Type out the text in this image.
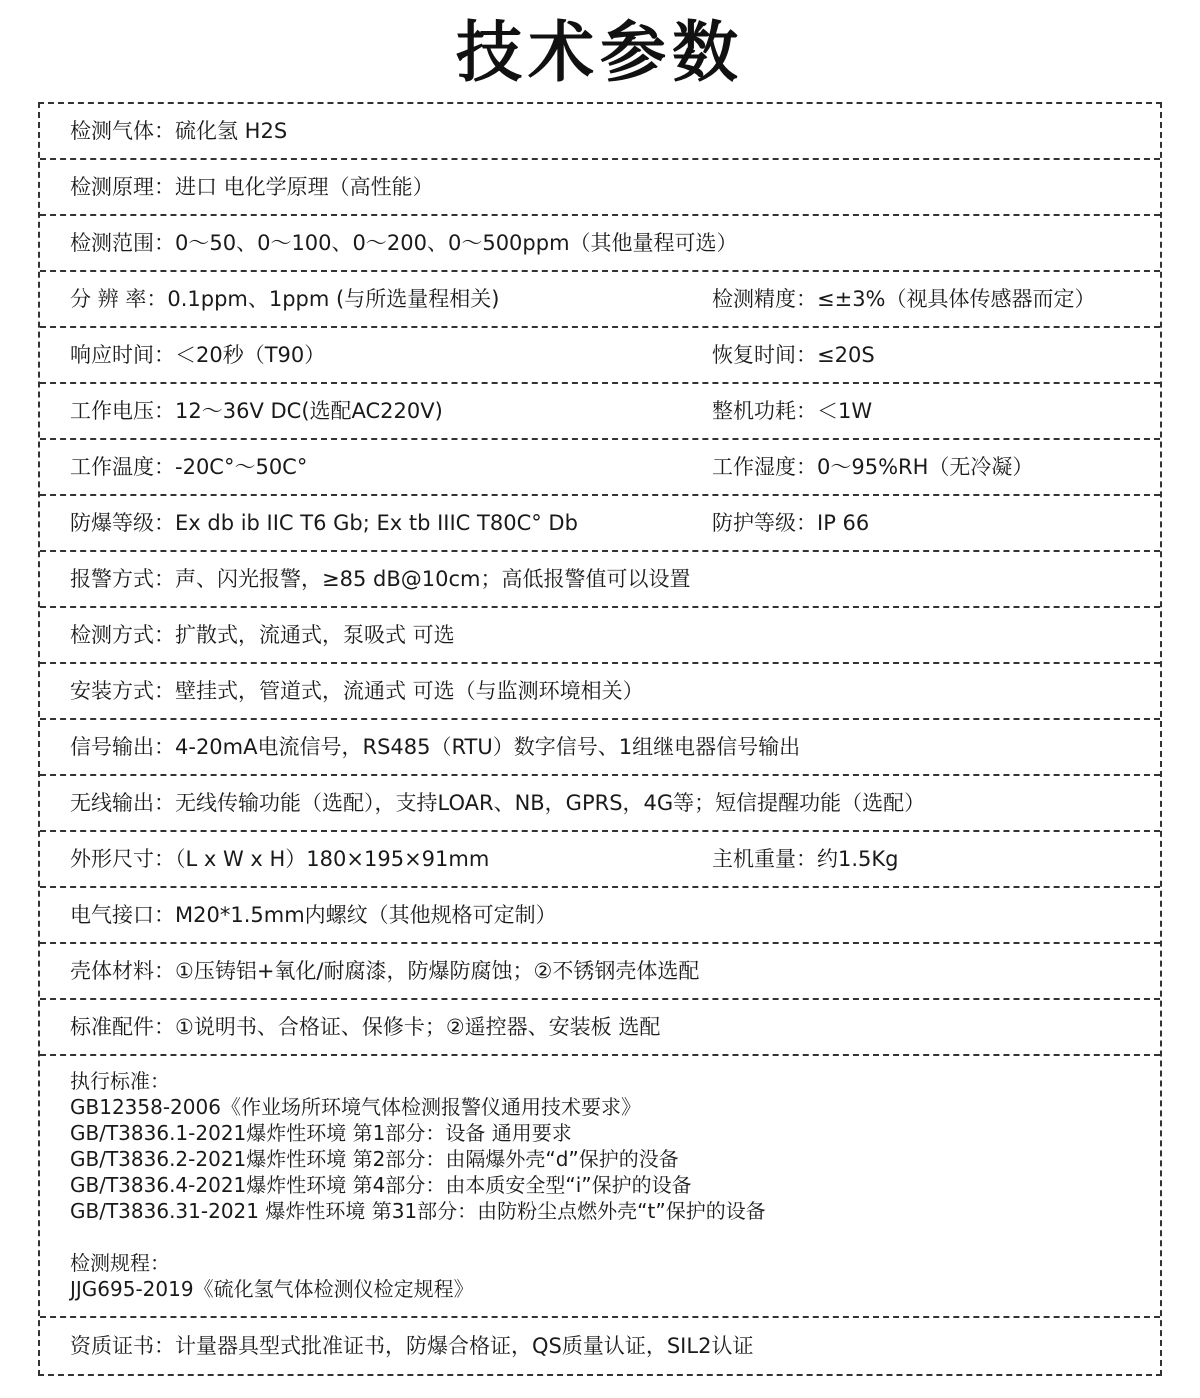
技术参数
检测气体：硫化氢 H2S
检测原理：进口 电化学原理（高性能）
检测范围：0～50、0～100、0～200、0～500ppm（其他量程可选）
分 辨 率：0.1ppm、1ppm (与所选量程相关)	检测精度：≤±3%（视具体传感器而定）
响应时间：＜20秒（T90）	恢复时间：≤20S
工作电压：12～36V DC(选配AC220V)	整机功耗：＜1W
工作温度：-20C°～50C°	工作湿度：0～95%RH（无冷凝）
防爆等级：Ex db ib IIC T6 Gb; Ex tb IIIC T80C° Db	防护等级：IP 66
报警方式：声、闪光报警，≥85 dB@10cm；高低报警值可以设置
检测方式：扩散式，流通式，泵吸式 可选
安装方式：壁挂式，管道式，流通式 可选（与监测环境相关）
信号输出：4-20mA电流信号，RS485（RTU）数字信号、1组继电器信号输出
无线输出：无线传输功能（选配），支持LOAR、NB，GPRS，4G等；短信提醒功能（选配）
外形尺寸：（L x W x H）180×195×91mm	主机重量：约1.5Kg
电气接口：M20*1.5mm内螺纹（其他规格可定制）
壳体材料：①压铸铝+氧化/耐腐漆，防爆防腐蚀；②不锈钢壳体选配
标准配件：①说明书、合格证、保修卡；②遥控器、安装板 选配
执行标准：
GB12358-2006《作业场所环境气体检测报警仪通用技术要求》
GB/T3836.1-2021爆炸性环境 第1部分：设备 通用要求
GB/T3836.2-2021爆炸性环境 第2部分：由隔爆外壳“d”保护的没备
GB/T3836.4-2021爆炸性环境 第4部分：由本质安全型“i”保护的设备
GB/T3836.31-2021 爆炸性环境 第31部分：由防粉尘点燃外壳“t”保护的设备
检测规程：
JJG695-2019《硫化氢气体检测仪检定规程》
资质证书：计量器具型式批准证书，防爆合格证，QS质量认证，SIL2认证
